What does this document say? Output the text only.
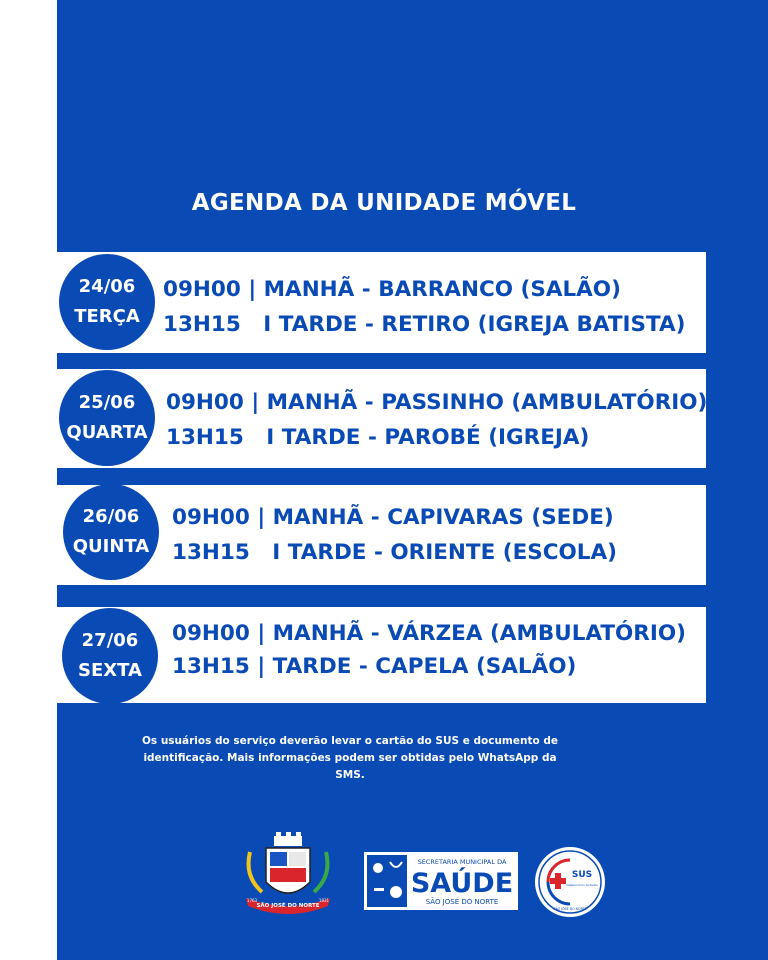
AGENDA DA UNIDADE MÓVEL
09H00 | MANHÃ - BARRANCO (SALÃO)
13H15   I TARDE - RETIRO (IGREJA BATISTA)
24/06
TERÇA
09H00 | MANHÃ - PASSINHO (AMBULATÓRIO)
13H15   I TARDE - PAROBÉ (IGREJA)
25/06
QUARTA
09H00 | MANHÃ - CAPIVARAS (SEDE)
13H15   I TARDE - ORIENTE (ESCOLA)
26/06
QUINTA
09H00 | MANHÃ - VÁRZEA (AMBULATÓRIO)
13H15 | TARDE - CAPELA (SALÃO)
27/06
SEXTA
Os usuários do serviço deverão levar o cartão do SUS e documento de identificação. Mais informações podem ser obtidas pelo WhatsApp da SMS.
SÃO JOSÉ DO NORTE
1763	1831
SECRETARIA MUNICIPAL DA
SAÚDE
SÃO JOSÉ DO NORTE
SUS
Sistema Único de Saúde
SÃO JOSÉ DO NORTE
